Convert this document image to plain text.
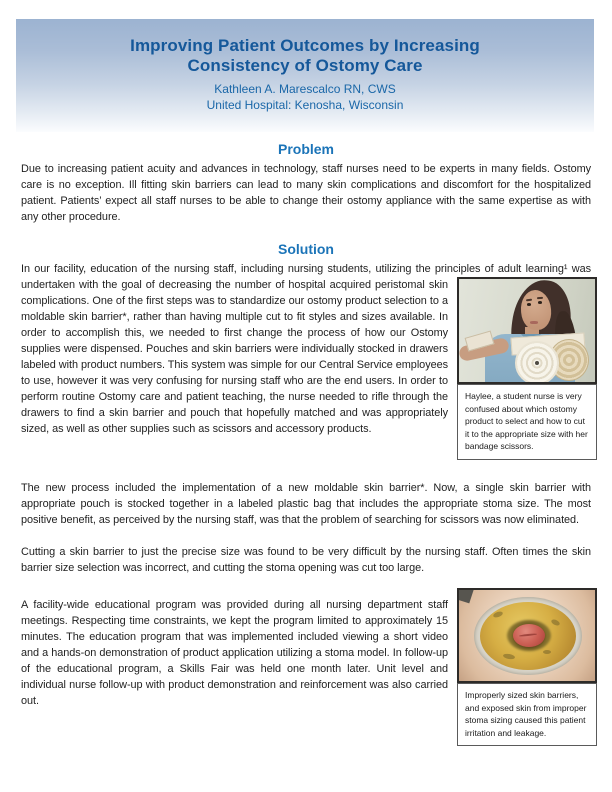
Improving Patient Outcomes by Increasing
Consistency of Ostomy Care
Kathleen A. Marescalco RN, CWS
United Hospital: Kenosha, Wisconsin
Problem
Due to increasing patient acuity and advances in technology, staff nurses need to be experts in many fields. Ostomy care is no exception. Ill fitting skin barriers can lead to many skin complications and discomfort for the hospitalized patient. Patients’ expect all staff nurses to be able to change their ostomy appliance with the same expertise as with any other procedure.
Solution
In our facility, education of the nursing staff, including nursing students, utilizing the principles of adult
Haylee, a student nurse is very confused about which ostomy product to select and how to cut it to the appropriate size with her bandage scissors.
learning¹ was undertaken with the goal of decreasing the number of hospital acquired peristomal skin complications. One of the first steps was to standardize our ostomy product selection to a moldable skin barrier*, rather than having multiple cut to fit styles and sizes available. In order to accomplish this, we needed to first change the process of how our Ostomy supplies were dispensed. Pouches and skin barriers were individually stocked in drawers labeled with product numbers. This system was simple for our Central Service employees to use, however it was very confusing for nursing staff who are the end users. In order to perform routine Ostomy care and patient teaching, the nurse needed to rifle through the drawers to find a skin barrier and pouch that hopefully matched and was appropriately sized, as well as other supplies such as scissors and accessory products.
The new process included the implementation of a new moldable skin barrier*. Now, a single skin barrier with appropriate pouch is stocked together in a labeled plastic bag that includes the appropriate stoma size. The most positive benefit, as perceived by the nursing staff, was that the problem of searching for scissors was now eliminated.
Cutting a skin barrier to just the precise size was found to be very difficult by the nursing staff. Often times the skin barrier size selection was incorrect, and cutting the stoma opening was cut too large.
Improperly sized skin barriers, and exposed skin from improper stoma sizing caused this patient irritation and leakage.
A facility-wide educational program was provided during all nursing department staff meetings. Respecting time constraints, we kept the program limited to approximately 15 minutes. The education program that was implemented included viewing a short video and a hands-on demonstration of product application utilizing a stoma model. In follow-up of the educational program, a Skills Fair was held one month later. Unit level and individual nurse follow-up with product demonstration and reinforcement was also carried out.
